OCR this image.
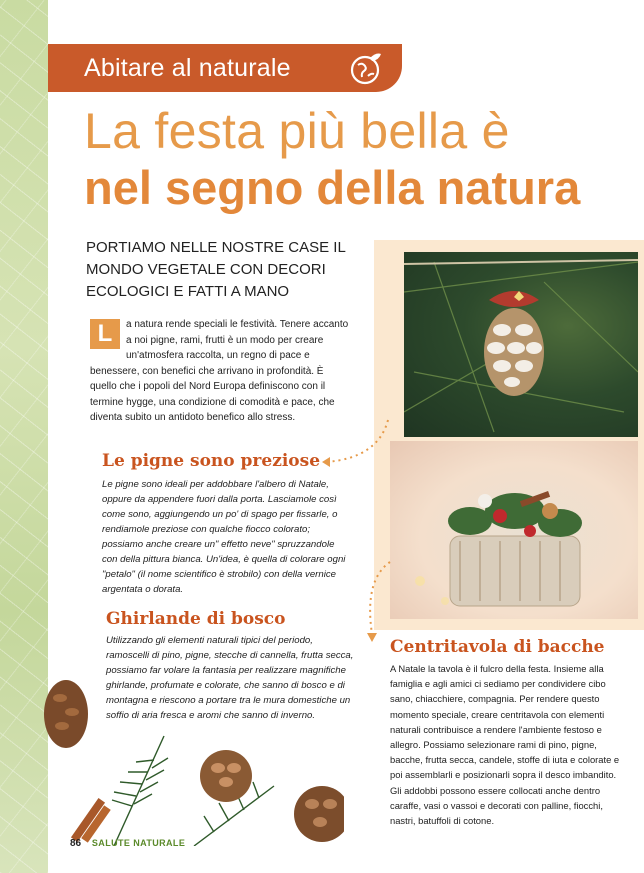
Abitare al naturale
La festa più bella è
nel segno della natura
PORTIAMO NELLE NOSTRE CASE IL MONDO VEGETALE CON DECORI ECOLOGICI E FATTI A MANO
L	a natura rende speciali le festività. Tenere accanto a noi pigne, rami, frutti è un modo per creare un'atmosfera raccolta, un regno di pace e benessere, con benefici che arrivano in profondità. È quello che i popoli del Nord Europa definiscono con il termine hygge, una condizione di comodità e pace, che diventa subito un antidoto benefico allo stress.
Le pigne sono preziose
Le pigne sono ideali per addobbare l'albero di Natale, oppure da appendere fuori dalla porta. Lasciamole così come sono, aggiungendo un po' di spago per fissarle, o rendiamole preziose con qualche fiocco colorato; possiamo anche creare un" effetto neve" spruzzandole con della pittura bianca. Un'idea, è quella di colorare ogni "petalo" (il nome scientifico è strobilo) con della vernice argentata o dorata.
Ghirlande di bosco
Utilizzando gli elementi naturali tipici del periodo, ramoscelli di pino, pigne, stecche di cannella, frutta secca, possiamo far volare la fantasia per realizzare magnifiche ghirlande, profumate e colorate, che sanno di bosco e di montagna e riescono a portare tra le mura domestiche un soffio di aria fresca e aromi che sanno di inverno.
Centritavola di bacche
A Natale la tavola è il fulcro della festa. Insieme alla famiglia e agli amici ci sediamo per condividere cibo sano, chiacchiere, compagnia. Per rendere questo momento speciale, creare centritavola con elementi naturali contribuisce a rendere l'ambiente festoso e allegro. Possiamo selezionare rami di pino, pigne, bacche, frutta secca, candele, stoffe di iuta e colorate e poi assemblarli e posizionarli sopra il desco imbandito. Gli addobbi possono essere collocati anche dentro caraffe, vasi o vassoi e decorati con palline, fiocchi, nastri, batuffoli di cotone.
86 SALUTE NATURALE
